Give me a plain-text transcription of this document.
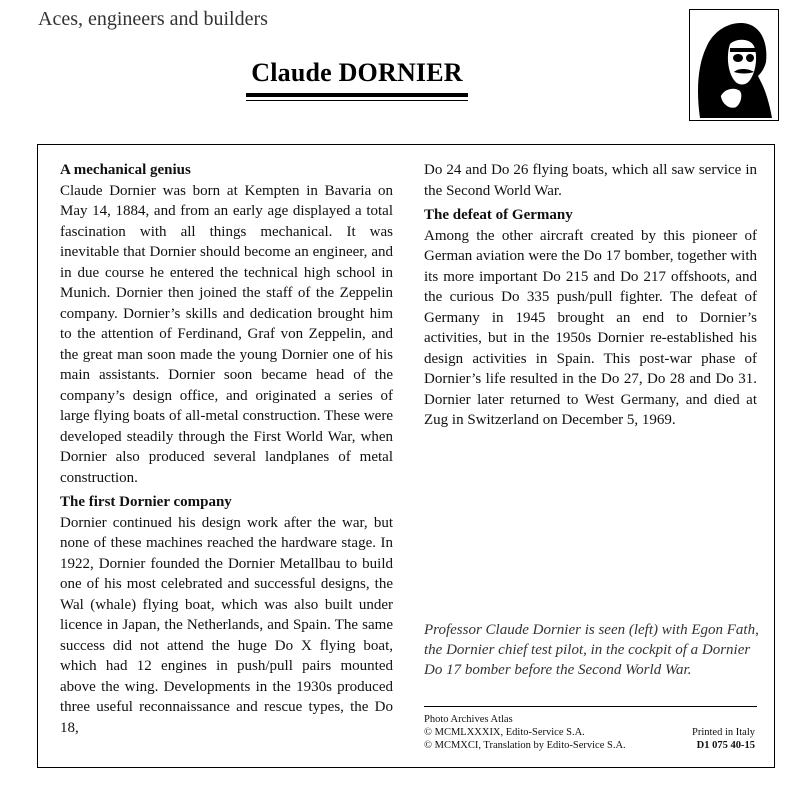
Aces, engineers and builders
Claude DORNIER
A mechanical genius

Claude Dornier was born at Kempten in Bavaria on May 14, 1884, and from an early age displayed a total fascination with all things mechanical. It was inevitable that Dornier should become an engineer, and in due course he entered the technical high school in Munich. Dornier then joined the staff of the Zeppelin company. Dornier’s skills and dedication brought him to the attention of Ferdinand, Graf von Zeppelin, and the great man soon made the young Dornier one of his main assistants. Dornier soon became head of the company’s design office, and originated a series of large flying boats of all-metal construction. These were developed steadily through the First World War, when Dornier also produced several landplanes of metal construction.

The first Dornier company

Dornier continued his design work after the war, but none of these machines reached the hardware stage. In 1922, Dornier founded the Dornier Metallbau to build one of his most celebrated and successful designs, the Wal (whale) flying boat, which was also built under licence in Japan, the Netherlands, and Spain. The same success did not attend the huge Do X flying boat, which had 12 engines in push/pull pairs mounted above the wing. Developments in the 1930s produced three useful reconnaissance and rescue types, the Do 18,

Do 24 and Do 26 flying boats, which all saw service in the Second World War.

The defeat of Germany

Among the other aircraft created by this pioneer of German aviation were the Do 17 bomber, together with its more important Do 215 and Do 217 offshoots, and the curious Do 335 push/pull fighter. The defeat of Germany in 1945 brought an end to Dornier’s activities, but in the 1950s Dornier re-established his design activities in Spain. This post-war phase of Dornier’s life resulted in the Do 27, Do 28 and Do 31. Dornier later returned to West Germany, and died at Zug in Switzerland on December 5, 1969.

Professor Claude Dornier is seen (left) with Egon Fath, the Dornier chief test pilot, in the cockpit of a Dornier Do 17 bomber before the Second World War.
Photo Archives Atlas
© MCMLXXXIX, Edito-Service S.A.
© MCMXCI, Translation by Edito-Service S.A.
Printed in Italy
D1 075 40-15
